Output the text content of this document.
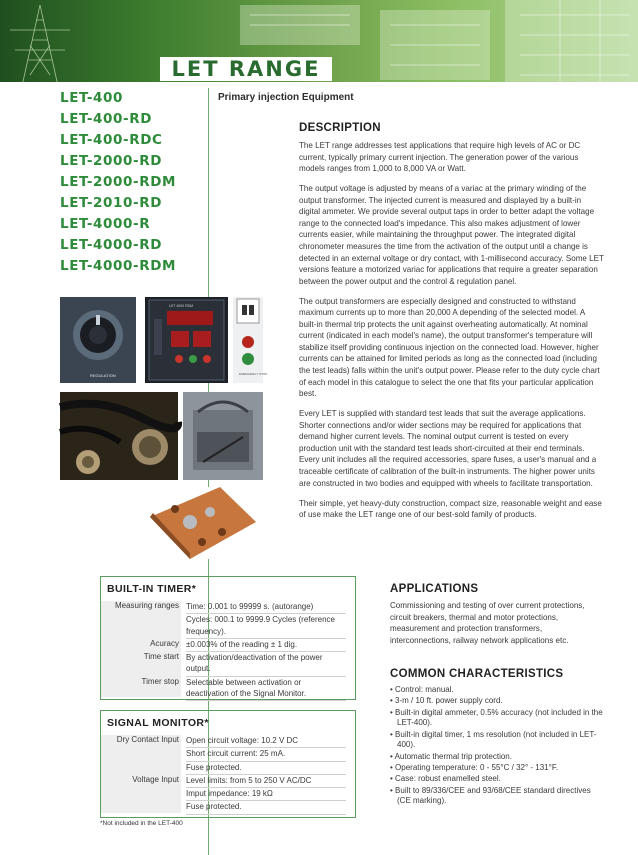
LET RANGE
LET-400
LET-400-RD
LET-400-RDC
LET-2000-RD
LET-2000-RDM
LET-2010-RD
LET-4000-R
LET-4000-RD
LET-4000-RDM
Primary injection Equipment
DESCRIPTION

The LET range addresses test applications that require high levels of AC or DC current, typically primary current injection. The generation power of the various models ranges from 1,000 to 8,000 VA or Watt.

The output voltage is adjusted by means of a variac at the primary winding of the output transformer. The injected current is measured and displayed by a built-in digital ammeter. We provide several output taps in order to better adapt the voltage range to the connected load's impedance. This also makes adjustment of lower currents easier, while maintaining the throughput power. The integrated digital chronometer measures the time from the activation of the output until a change is detected in an external voltage or dry contact, with 1-millisecond accuracy. Some LET versions feature a motorized variac for applications that require a greater separation between the power output and the control & regulation panel.

The output transformers are especially designed and constructed to withstand maximum currents up to more than 20,000 A depending of the selected model. A built-in thermal trip protects the unit against overheating automatically. At nominal current (indicated in each model's name), the output transformer's temperature will stabilize itself providing continuous injection on the connected load. However, higher currents can be attained for limited periods as long as the connected load (including the test leads) falls within the unit's output power. Please refer to the duty cycle chart of each model in this catalogue to select the one that fits your particular application best.

Every LET is supplied with standard test leads that suit the average applications. Shorter connections and/or wider sections may be required for applications that demand higher current levels. The nominal output current is tested on every production unit with the standard test leads short-circuited at their end terminals. Every unit includes all the required accessories, spare fuses, a user's manual and a traceable certificate of calibration of the built-in instruments. The higher power units are constructed in two bodies and equipped with wheels to facilitate transportation.

Their simple, yet heavy-duty construction, compact size, reasonable weight and ease of use make the LET range one of our best-sold family of products.

REGULATION
LET 4000 RDM
EMERGENCY STOP
BUILT-IN TIMER*
Measuring ranges Time: 0.001 to 99999 s. (autorange)
Cycles: 000.1 to 9999.9 Cycles (reference frequency).
Acuracy ±0.003% of the reading ± 1 dig.
Time start By activation/deactivation of the power output.
Timer stop Selectable between activation or deactivation of the Signal Monitor.
SIGNAL MONITOR*
Dry Contact Input Open circuit voltage: 10.2 V DC
Short circuit current: 25 mA.
Fuse protected.
Voltage Input Level limits: from 5 to 250 V AC/DC
Imput impedance: 19 kΩ
Fuse protected.
*Not included in the LET-400
APPLICATIONS

Commissioning and testing of over current protections, circuit breakers, thermal and motor protections, measurement and protection transformers, interconnections, railway network applications etc.

COMMON CHARACTERISTICS
• Control: manual.
• 3-m / 10 ft. power supply cord.
• Built-in digital ammeter, 0.5% accuracy (not included in the LET-400).
• Built-in digital timer, 1 ms resolution (not included in LET-400).
• Automatic thermal trip protection.
• Operating temperature: 0 - 55°C / 32° - 131°F.
• Case: robust enamelled steel.
• Built to 89/336/CEE and 93/68/CEE standard directives (CE marking).
